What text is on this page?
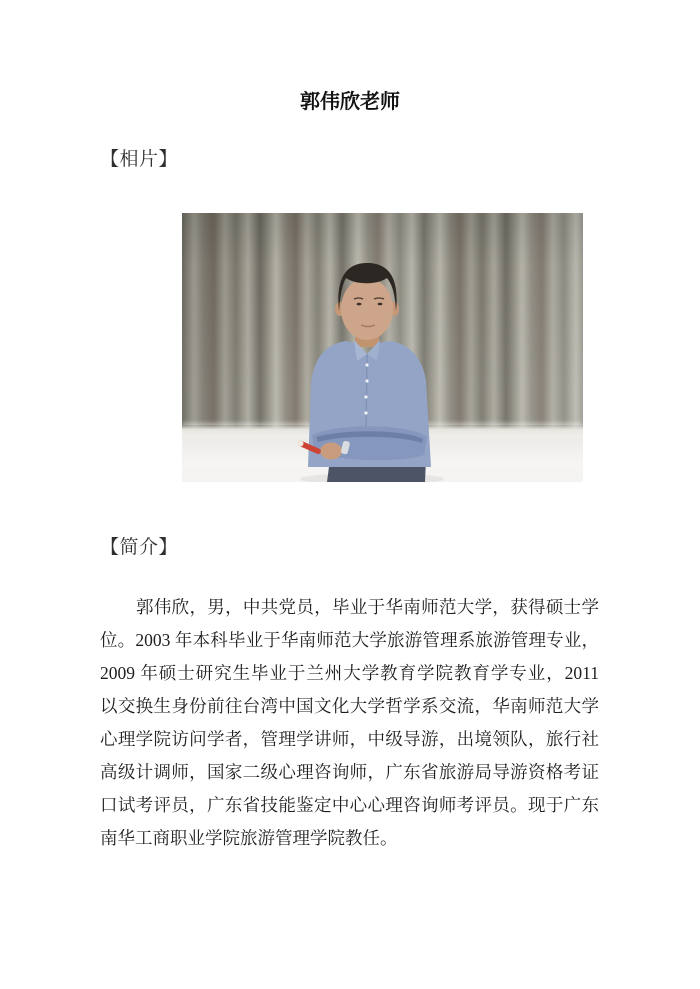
郭伟欣老师
【相片】
【简介】
郭伟欣，男，中共党员，毕业于华南师范大学，获得硕士学
位。2003 年本科毕业于华南师范大学旅游管理系旅游管理专业，
2009 年硕士研究生毕业于兰州大学教育学院教育学专业，2011
以交换生身份前往台湾中国文化大学哲学系交流，华南师范大学
心理学院访问学者，管理学讲师，中级导游，出境领队，旅行社
高级计调师，国家二级心理咨询师，广东省旅游局导游资格考证
口试考评员，广东省技能鉴定中心心理咨询师考评员。现于广东
南华工商职业学院旅游管理学院教任。
